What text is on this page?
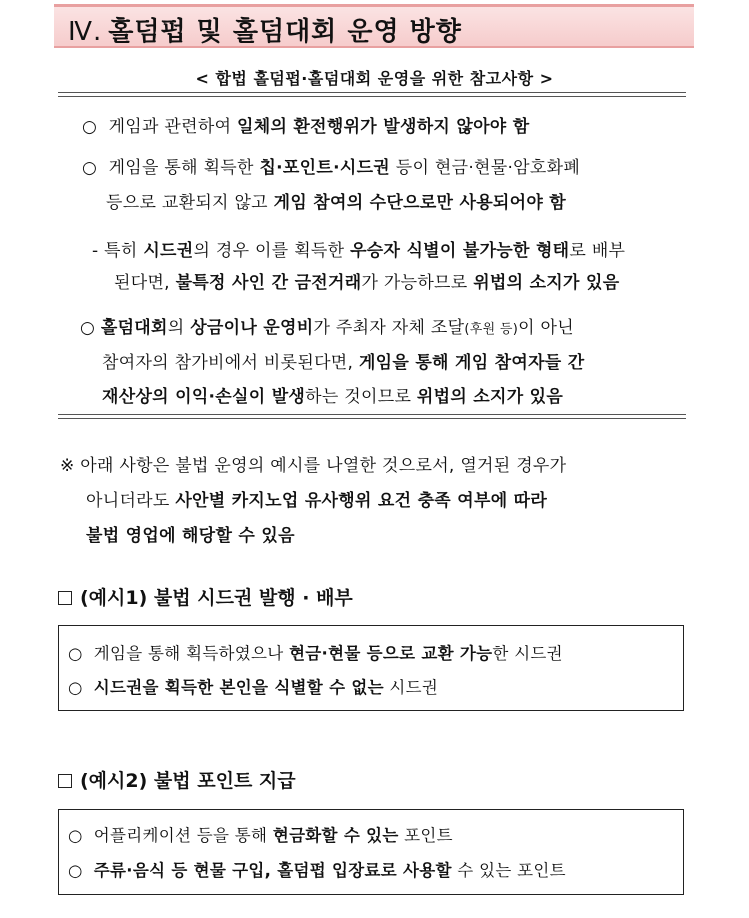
Ⅳ. 홀덤펍 및 홀덤대회 운영 방향
< 합법 홀덤펍·홀덤대회 운영을 위한 참고사항 >
○ 게임과 관련하여 일체의 환전행위가 발생하지 않아야 함
○ 게임을 통해 획득한 칩·포인트·시드권 등이 현금·현물·암호화폐
등으로 교환되지 않고 게임 참여의 수단으로만 사용되어야 함
- 특히 시드권의 경우 이를 획득한 우승자 식별이 불가능한 형태로 배부
된다면, 불특정 사인 간 금전거래가 가능하므로 위법의 소지가 있음
○ 홀덤대회의 상금이나 운영비가 주최자 자체 조달(후원 등)이 아닌
참여자의 참가비에서 비롯된다면, 게임을 통해 게임 참여자들 간
재산상의 이익·손실이 발생하는 것이므로 위법의 소지가 있음
※ 아래 사항은 불법 운영의 예시를 나열한 것으로서, 열거된 경우가
아니더라도 사안별 카지노업 유사행위 요건 충족 여부에 따라
불법 영업에 해당할 수 있음
(예시1) 불법 시드권 발행 · 배부
○ 게임을 통해 획득하였으나 현금·현물 등으로 교환 가능한 시드권
○ 시드권을 획득한 본인을 식별할 수 없는 시드권
(예시2) 불법 포인트 지급
○ 어플리케이션 등을 통해 현금화할 수 있는 포인트
○ 주류·음식 등 현물 구입, 홀덤펍 입장료로 사용할 수 있는 포인트
